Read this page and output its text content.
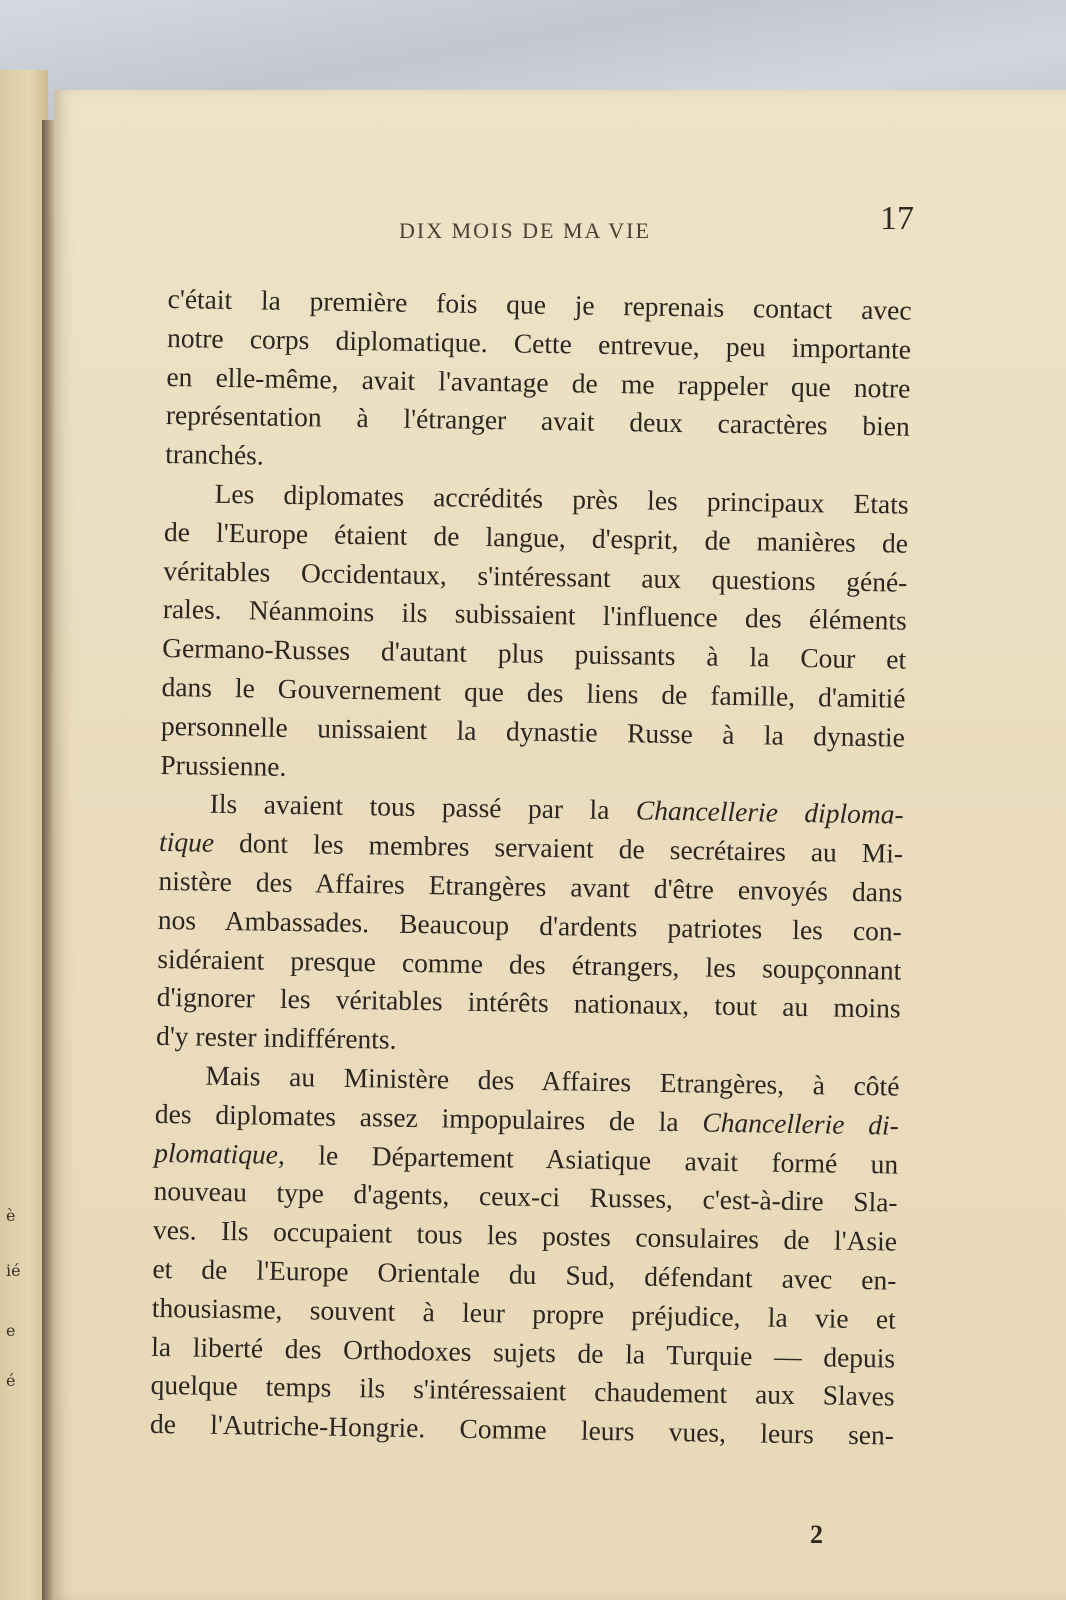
è
ié
e
é
DIX MOIS DE MA VIE	17
c'était la première fois que je reprenais contact avec
notre corps diplomatique. Cette entrevue, peu importante
en elle-même, avait l'avantage de me rappeler que notre
représentation à l'étranger avait deux caractères bien
tranchés.
Les diplomates accrédités près les principaux Etats
de l'Europe étaient de langue, d'esprit, de manières de
véritables Occidentaux, s'intéressant aux questions géné-
rales. Néanmoins ils subissaient l'influence des éléments
Germano-Russes d'autant plus puissants à la Cour et
dans le Gouvernement que des liens de famille, d'amitié
personnelle unissaient la dynastie Russe à la dynastie
Prussienne.
Ils avaient tous passé par la Chancellerie diploma-
tique dont les membres servaient de secrétaires au Mi-
nistère des Affaires Etrangères avant d'être envoyés dans
nos Ambassades. Beaucoup d'ardents patriotes les con-
sidéraient presque comme des étrangers, les soupçonnant
d'ignorer les véritables intérêts nationaux, tout au moins
d'y rester indifférents.
Mais au Ministère des Affaires Etrangères, à côté
des diplomates assez impopulaires de la Chancellerie di-
plomatique, le Département Asiatique avait formé un
nouveau type d'agents, ceux-ci Russes, c'est-à-dire Sla-
ves. Ils occupaient tous les postes consulaires de l'Asie
et de l'Europe Orientale du Sud, défendant avec en-
thousiasme, souvent à leur propre préjudice, la vie et
la liberté des Orthodoxes sujets de la Turquie — depuis
quelque temps ils s'intéressaient chaudement aux Slaves
de l'Autriche-Hongrie. Comme leurs vues, leurs sen-
2
